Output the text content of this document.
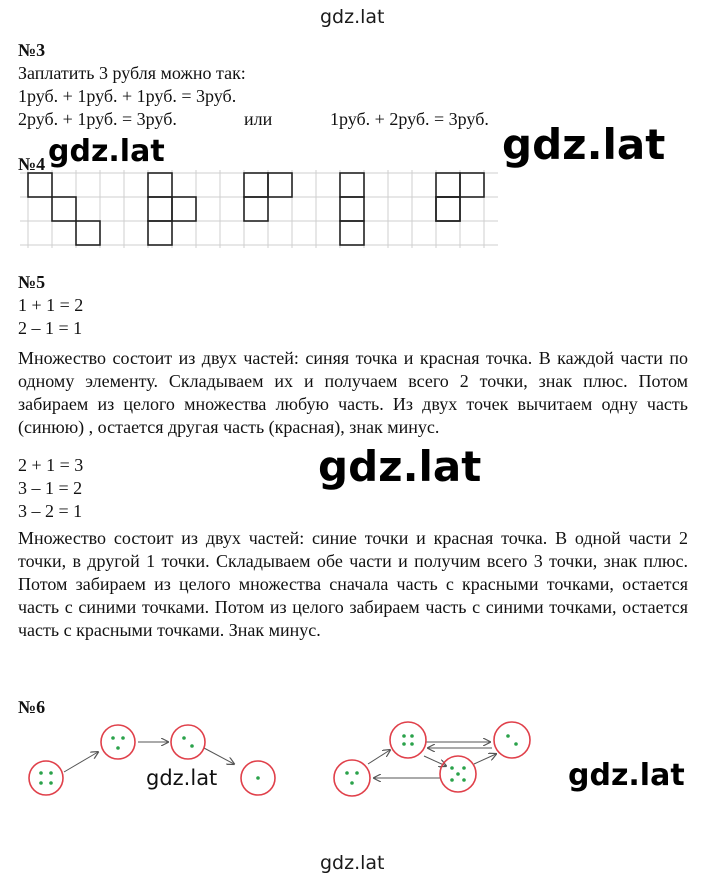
gdz.lat
№3
Заплатить 3 рубля можно так:
1руб. + 1руб. + 1руб. = 3руб.
2руб. + 1руб. = 3руб.	или	1руб. + 2руб. = 3руб.
№4 gdz.lat	gdz.lat
№5
1 + 1 = 2
2 – 1 = 1
Множество состоит из двух частей: синяя точка и красная точка. В каждой части по одному элементу. Складываем их и получаем всего 2 точки, знак плюс. Потом забираем из целого множества любую часть. Из двух точек вычитаем одну часть (синюю) , остается другая часть (красная), знак минус.
2 + 1 = 3
3 – 1 = 2
3 – 2 = 1
gdz.lat
Множество состоит из двух частей: синие точки и красная точка. В одной части 2 точки, в другой 1 точки. Складываем обе части и получим всего 3 точки, знак плюс. Потом забираем из целого множества сначала часть с красными точками, остается часть с синими точками. Потом из целого забираем часть с синими точками, остается часть с красными точками. Знак минус.
№6
gdz.lat	gdz.lat
gdz.lat
